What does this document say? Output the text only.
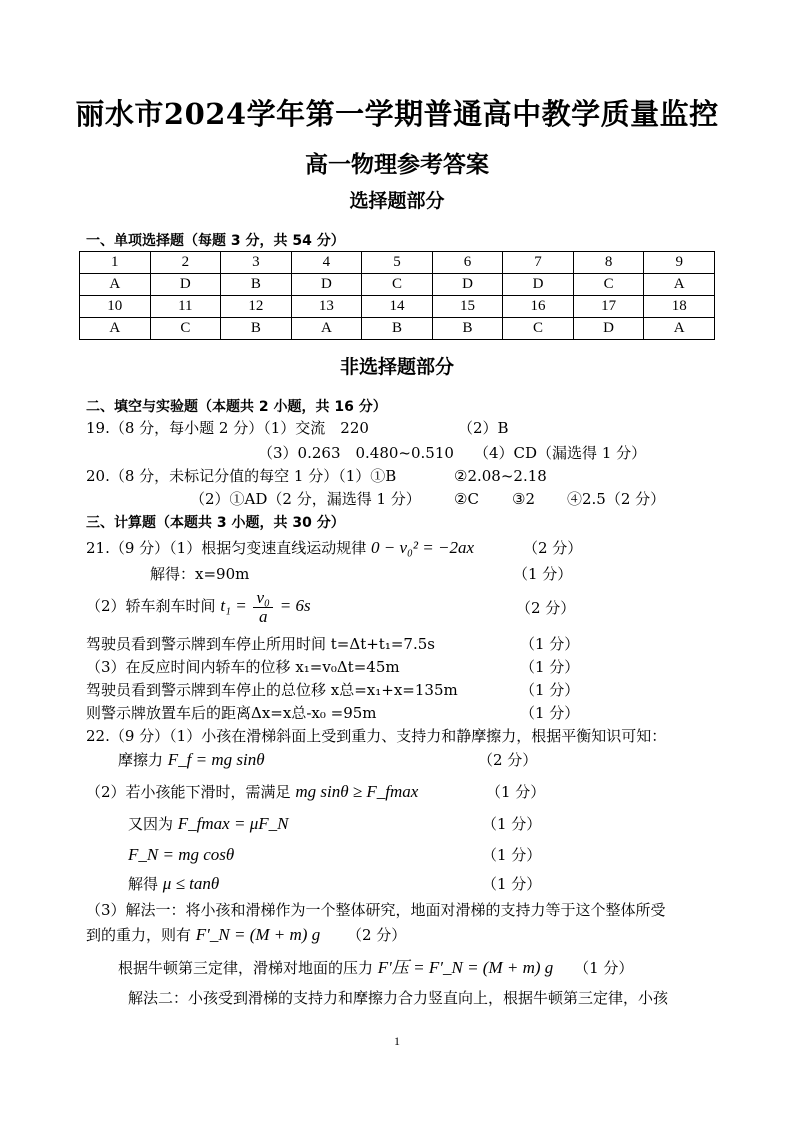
丽水市2024学年第一学期普通高中教学质量监控
高一物理参考答案
选择题部分
一、单项选择题（每题 3 分，共 54 分）
1	2	3	4	5	6	7	8	9
A	D	B	D	C	D	D	C	A
10	11	12	13	14	15	16	17	18
A	C	B	A	B	B	C	D	A
非选择题部分
二、填空与实验题（本题共 2 小题，共 16 分）
19.（8 分，每小题 2 分）（1）交流　220	（2）B
（3）0.263　0.480~0.510 （4）CD（漏选得 1 分）
20.（8 分，未标记分值的每空 1 分）（1）①B	②2.08~2.18
（2）①AD（2 分，漏选得 1 分） ②C ③2 ④2.5（2 分）
三、计算题（本题共 3 小题，共 30 分）
21.（9 分）（1）根据匀变速直线运动规律 0 − v₀² = −2ax	（2 分）
解得：x=90m	（1 分）
（2）轿车刹车时间 $t_1 = \frac{\text{v₀}}{a} = 6s$	（2 分）
驾驶员看到警示牌到车停止所用时间 t=Δt+t₁=7.5s	（1 分）
（3）在反应时间内轿车的位移 x₁=v₀Δt=45m	（1 分）
驾驶员看到警示牌到车停止的总位移 x总=x₁+x=135m	（1 分）
则警示牌放置车后的距离Δx=x总-x₀ =95m	（1 分）
22.（9 分）（1）小孩在滑梯斜面上受到重力、支持力和静摩擦力，根据平衡知识可知：
摩擦力 F_f = mg sinθ	（2 分）
（2）若小孩能下滑时，需满足 mg sinθ ≥ F_fmax	（1 分）
又因为 F_fmax = μF_N	（1 分）
F_N = mg cosθ	（1 分）
解得 μ ≤ tanθ	（1 分）
（3）解法一：将小孩和滑梯作为一个整体研究，地面对滑梯的支持力等于这个整体所受
到的重力，则有 F′_N = (M + m) g （2 分）
根据牛顿第三定律，滑梯对地面的压力 F′压 = F′_N = (M + m) g （1 分）
解法二：小孩受到滑梯的支持力和摩擦力合力竖直向上，根据牛顿第三定律，小孩
1
